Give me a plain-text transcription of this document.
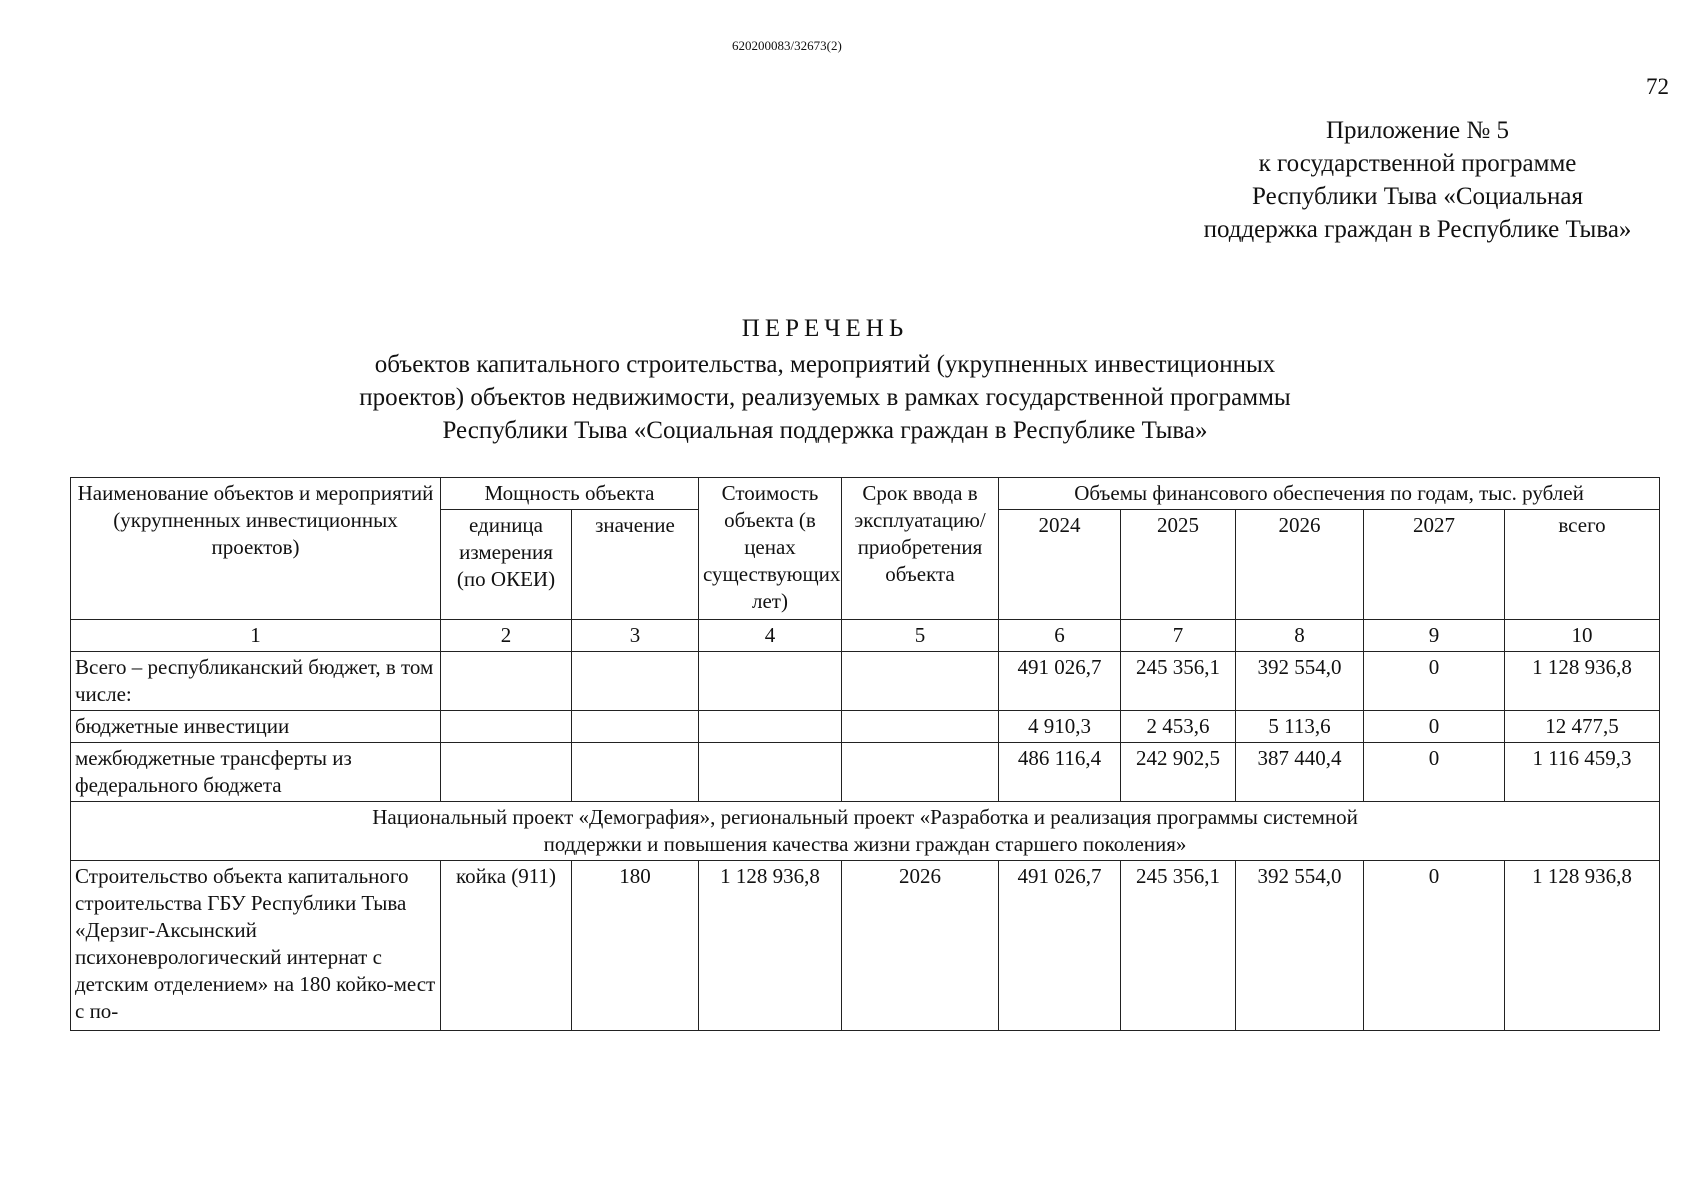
620200083/32673(2)
72
Приложение № 5
к государственной программе
Республики Тыва «Социальная
поддержка граждан в Республике Тыва»
ПЕРЕЧЕНЬ
объектов капитального строительства, мероприятий (укрупненных инвестиционных
проектов) объектов недвижимости, реализуемых в рамках государственной программы
Республики Тыва «Социальная поддержка граждан в Республике Тыва»
Наименование объектов и мероприятий (укрупненных инвестиционных проектов)	Мощность объекта		Стоимость объекта (в ценах существующих лет)	Срок ввода в эксплуатацию/ приобретения объекта	Объемы финансового обеспечения по годам, тыс. рублей				
	единица измерения (по ОКЕИ)	значение			2024	2025	2026	2027	всего
1	2	3	4	5	6	7	8	9	10
Всего – республиканский бюджет, в том числе:					491 026,7	245 356,1	392 554,0	0	1 128 936,8
бюджетные инвестиции					4 910,3	2 453,6	5 113,6	0	12 477,5
межбюджетные трансферты из федерального бюджета					486 116,4	242 902,5	387 440,4	0	1 116 459,3
Национальный проект «Демография», региональный проект «Разработка и реализация программы системной поддержки и повышения качества жизни граждан старшего поколения»									
Строительство объекта капитального строительства ГБУ Республики Тыва «Дерзиг-Аксынский психоневрологический интернат с детским отделением» на 180 койко-мест с по-	койка (911)	180	1 128 936,8	2026	491 026,7	245 356,1	392 554,0	0	1 128 936,8
